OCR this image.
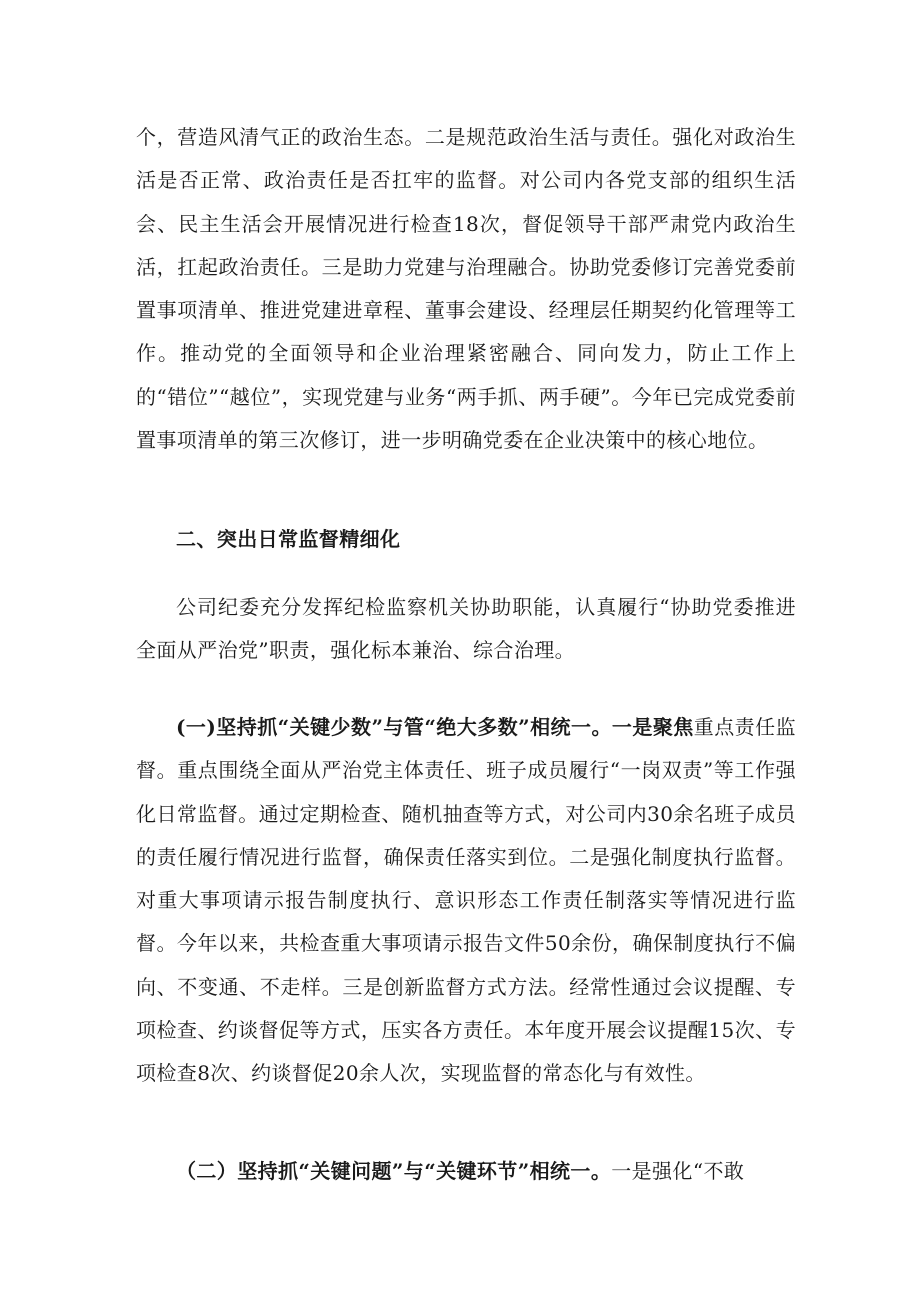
个，营造风清气正的政治生态。二是规范政治生活与责任。强化对政治生活是否正常、政治责任是否扛牢的监督。对公司内各党支部的组织生活会、民主生活会开展情况进行检查18次，督促领导干部严肃党内政治生活，扛起政治责任。三是助力党建与治理融合。协助党委修订完善党委前置事项清单、推进党建进章程、董事会建设、经理层任期契约化管理等工作。推动党的全面领导和企业治理紧密融合、同向发力，防止工作上的“错位”“越位”，实现党建与业务“两手抓、两手硬”。今年已完成党委前置事项清单的第三次修订，进一步明确党委在企业决策中的核心地位。

二、突出日常监督精细化

公司纪委充分发挥纪检监察机关协助职能，认真履行“协助党委推进全面从严治党”职责，强化标本兼治、综合治理。

(一)坚持抓“关键少数”与管“绝大多数”相统一。一是聚焦重点责任监督。重点围绕全面从严治党主体责任、班子成员履行“一岗双责”等工作强化日常监督。通过定期检查、随机抽查等方式，对公司内30余名班子成员的责任履行情况进行监督，确保责任落实到位。二是强化制度执行监督。对重大事项请示报告制度执行、意识形态工作责任制落实等情况进行监督。今年以来，共检查重大事项请示报告文件50余份，确保制度执行不偏向、不变通、不走样。三是创新监督方式方法。经常性通过会议提醒、专项检查、约谈督促等方式，压实各方责任。本年度开展会议提醒15次、专项检查8次、约谈督促20余人次，实现监督的常态化与有效性。

（二）坚持抓“关键问题”与“关键环节”相统一。一是强化“不敢
